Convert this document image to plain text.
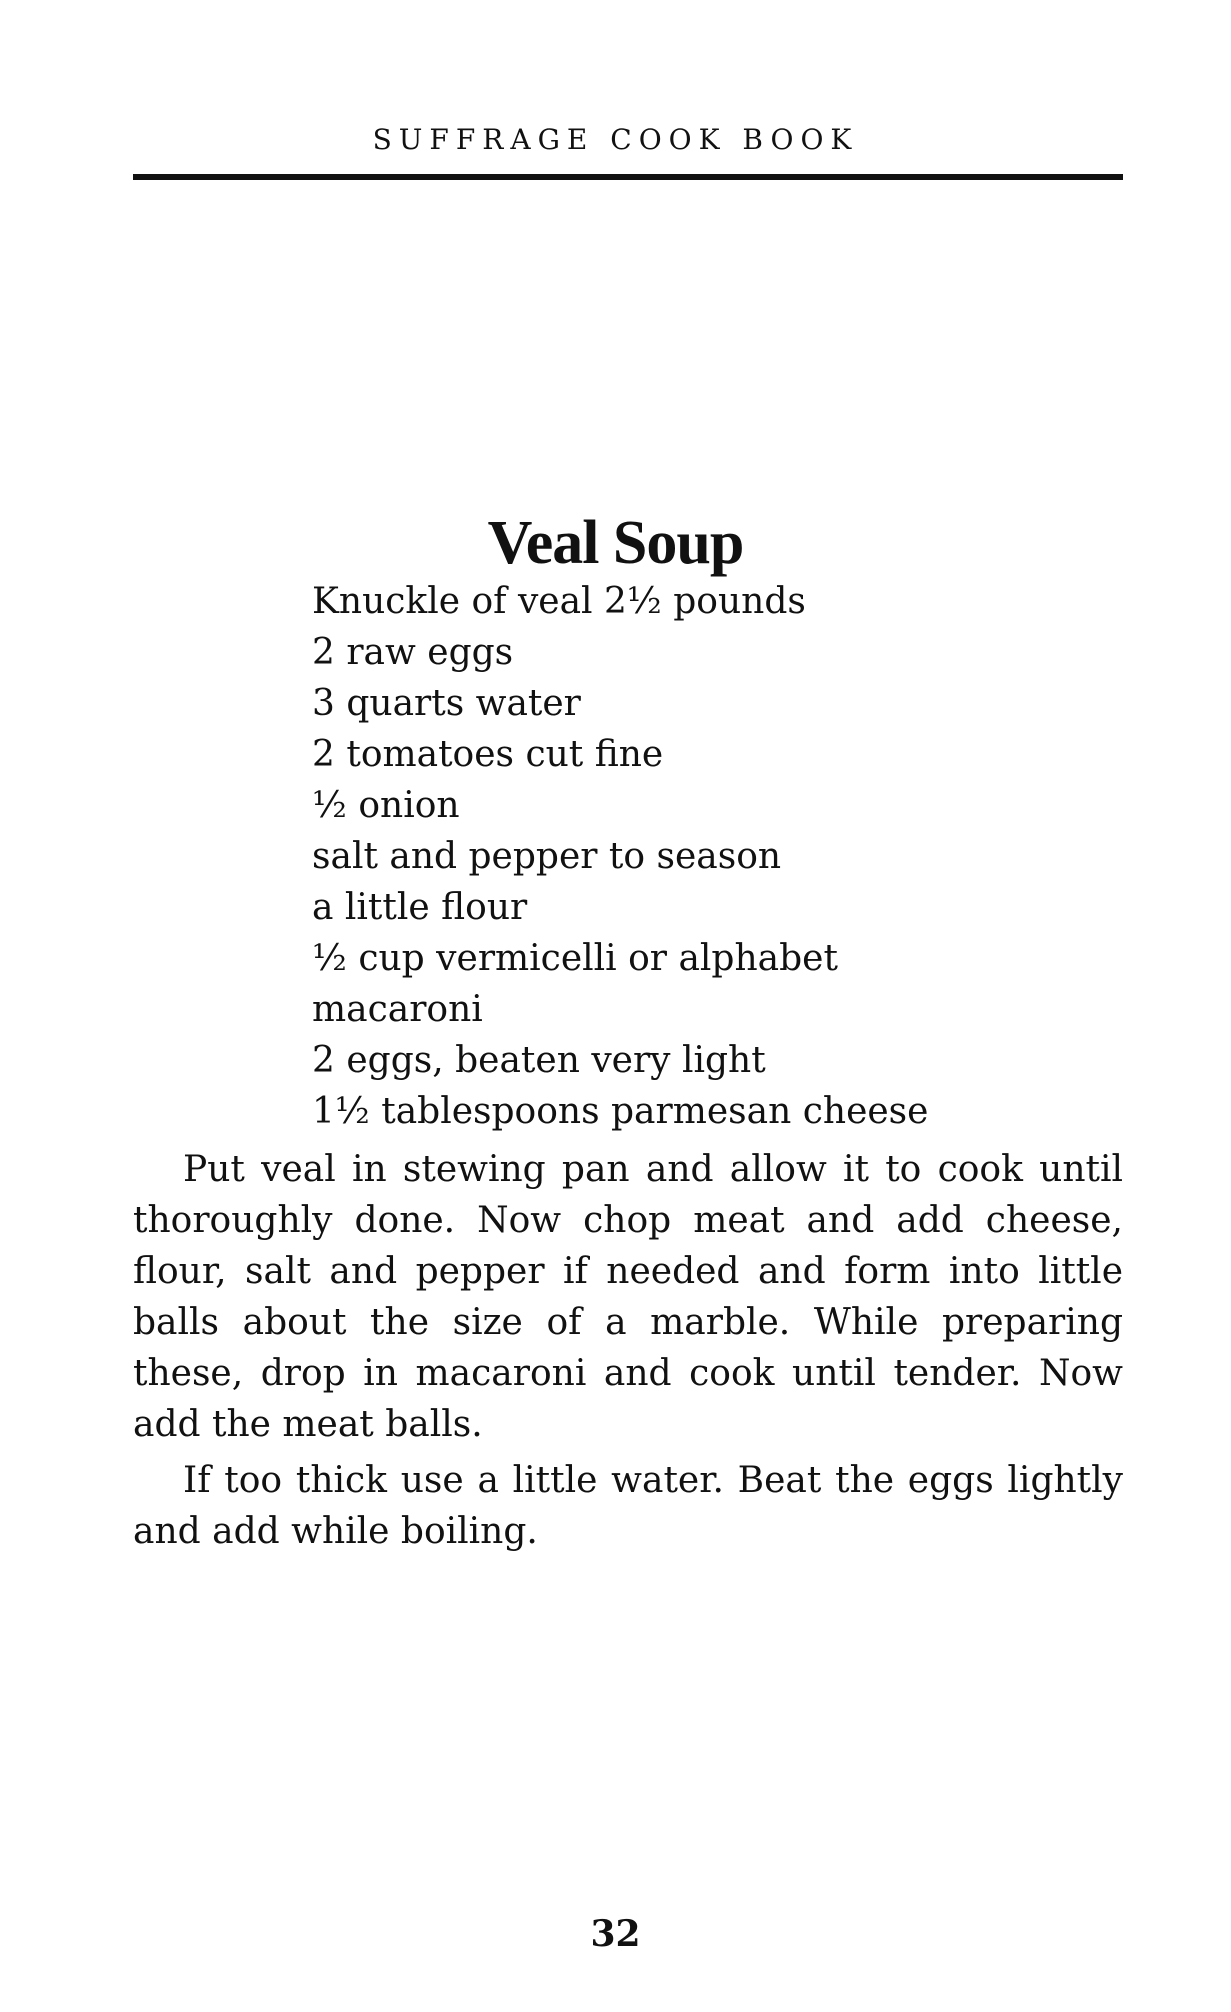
SUFFRAGE COOK BOOK
Veal Soup
Knuckle of veal 2½ pounds
2 raw eggs
3 quarts water
2 tomatoes cut fine
½ onion
salt and pepper to season
a little flour
½ cup vermicelli or alphabet
macaroni
2 eggs, beaten very light
1½ tablespoons parmesan cheese

Put veal in stewing pan and allow it to cook until thoroughly done. Now chop meat and add cheese, flour, salt and pepper if needed and form into little balls about the size of a marble. While preparing these, drop in macaroni and cook until tender. Now add the meat balls.

If too thick use a little water. Beat the eggs lightly and add while boiling.

32
